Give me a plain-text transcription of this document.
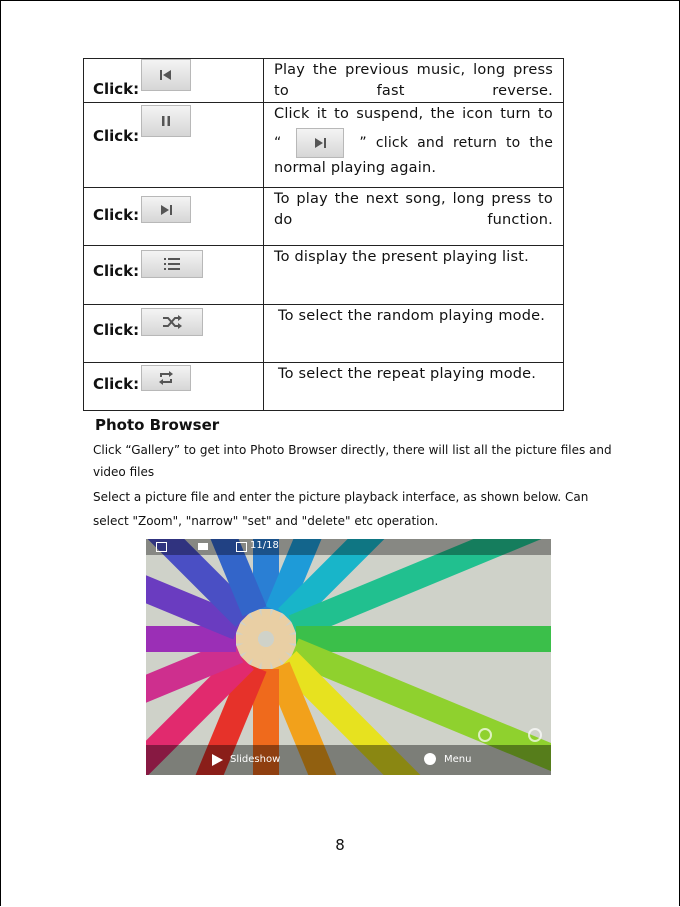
Click:	Play the previous music, long press to fast reverse.

Click:	Click it to suspend, the icon turn to
“ ” click and return to the
normal playing again.

Click:	To play the next song, long press to do function.

Click:	To display the present playing list.

Click:	To select the random playing mode.

Click:	To select the repeat playing mode.
Photo Browser
Click “Gallery” to get into Photo Browser directly, there will list all the picture files and
video files
Select a picture file and enter the picture playback interface, as shown below. Can
select "Zoom", "narrow" "set" and "delete" etc operation.
11/18
Slideshow	Menu
8
